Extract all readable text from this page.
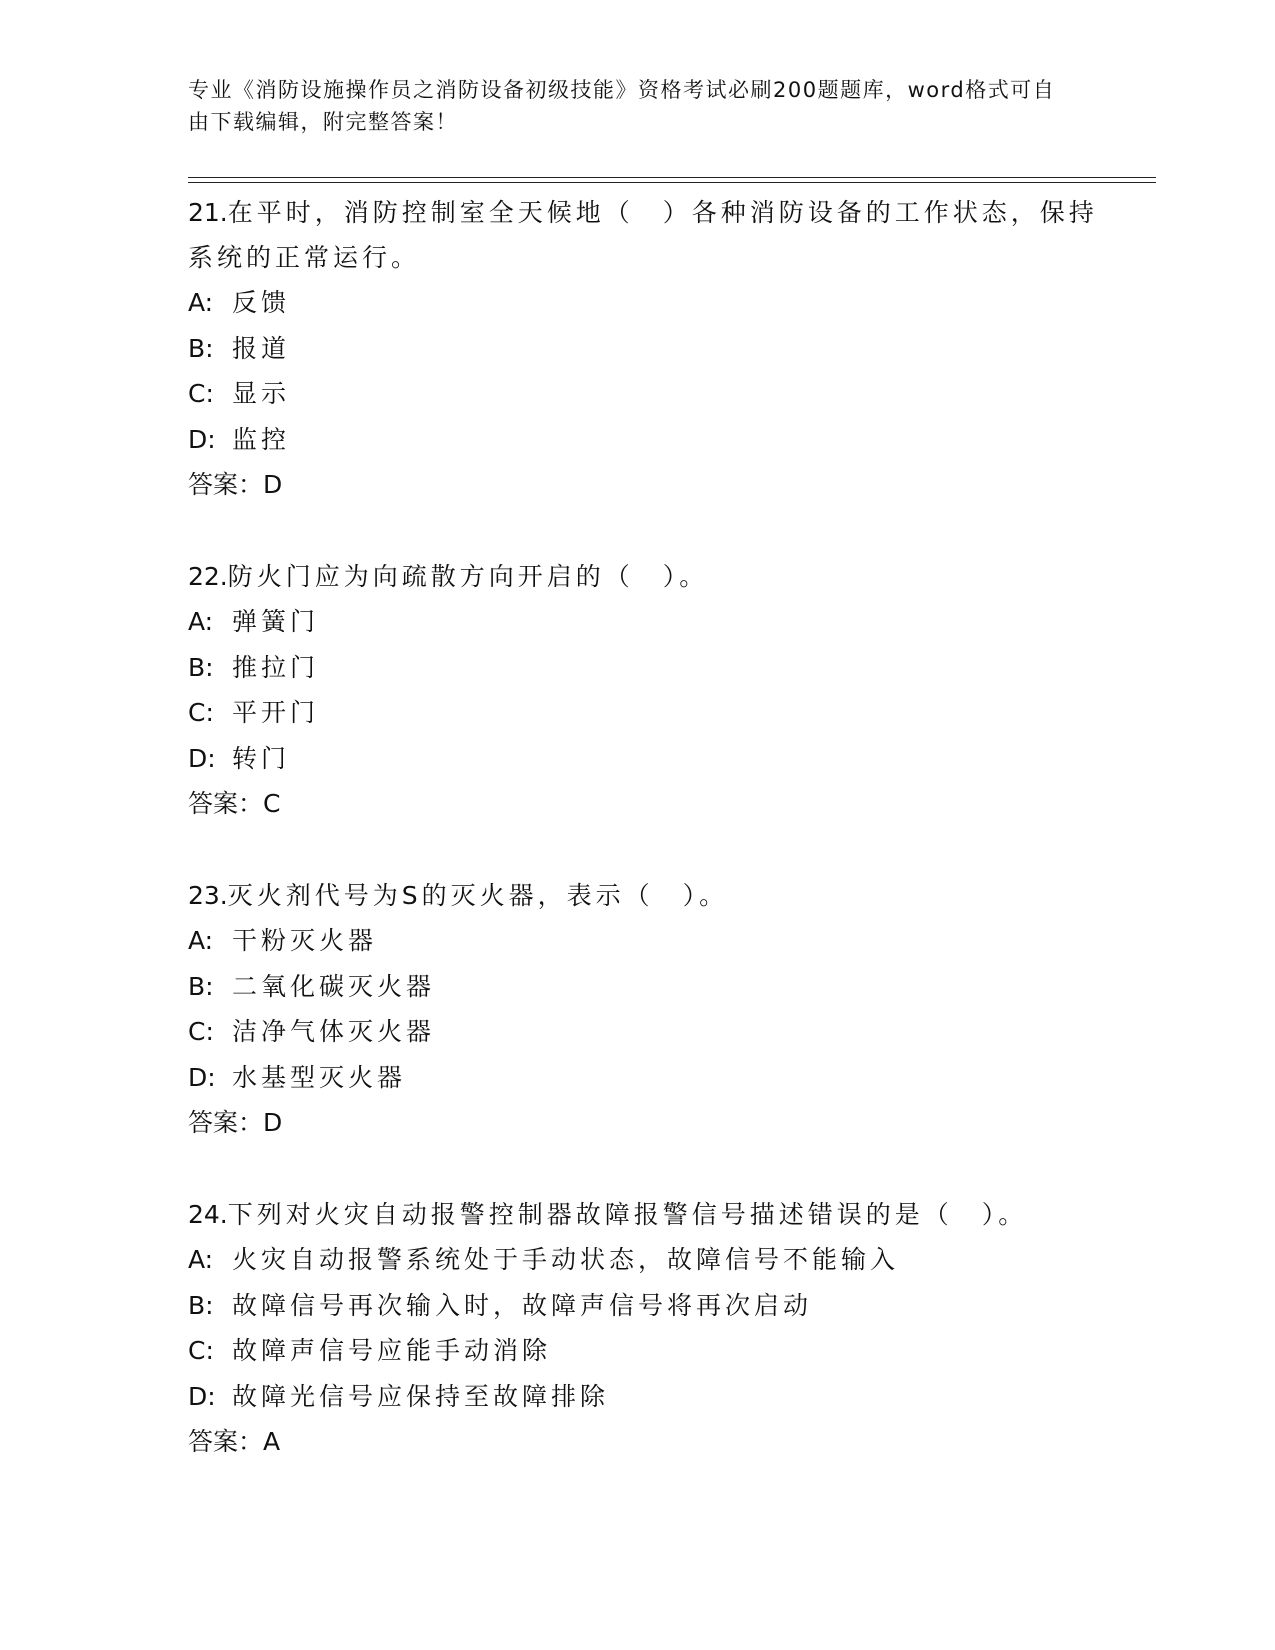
专业《消防设施操作员之消防设备初级技能》资格考试必刷200题题库，word格式可自由下载编辑，附完整答案！

21.在平时，消防控制室全天候地（　）各种消防设备的工作状态，保持系统的正常运行。

A: 反馈

B: 报道

C: 显示

D: 监控

答案：D

22.防火门应为向疏散方向开启的（　）。

A: 弹簧门

B: 推拉门

C: 平开门

D: 转门

答案：C

23.灭火剂代号为S的灭火器，表示（　）。

A: 干粉灭火器

B: 二氧化碳灭火器

C: 洁净气体灭火器

D: 水基型灭火器

答案：D

24.下列对火灾自动报警控制器故障报警信号描述错误的是（　）。

A: 火灾自动报警系统处于手动状态，故障信号不能输入

B: 故障信号再次输入时，故障声信号将再次启动

C: 故障声信号应能手动消除

D: 故障光信号应保持至故障排除

答案：A
